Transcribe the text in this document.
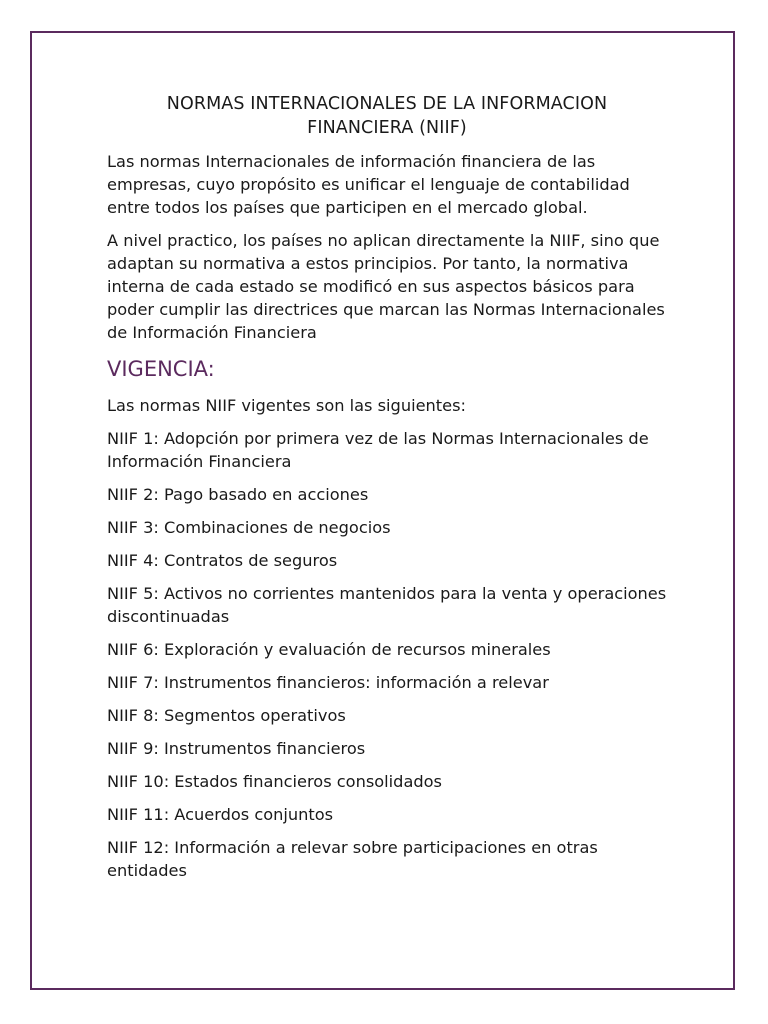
NORMAS INTERNACIONALES DE LA INFORMACION
FINANCIERA (NIIF)

Las normas Internacionales de información financiera de las empresas, cuyo propósito es unificar el lenguaje de contabilidad entre todos los países que participen en el mercado global.

A nivel practico, los países no aplican directamente la NIIF, sino que adaptan su normativa a estos principios. Por tanto, la normativa interna de cada estado se modificó en sus aspectos básicos para poder cumplir las directrices que marcan las Normas Internacionales de Información Financiera

VIGENCIA:

Las normas NIIF vigentes son las siguientes:

NIIF 1: Adopción por primera vez de las Normas Internacionales de Información Financiera
NIIF 2: Pago basado en acciones
NIIF 3: Combinaciones de negocios
NIIF 4: Contratos de seguros
NIIF 5: Activos no corrientes mantenidos para la venta y operaciones discontinuadas
NIIF 6: Exploración y evaluación de recursos minerales
NIIF 7: Instrumentos financieros: información a relevar
NIIF 8: Segmentos operativos
NIIF 9: Instrumentos financieros
NIIF 10: Estados financieros consolidados
NIIF 11: Acuerdos conjuntos
NIIF 12: Información a relevar sobre participaciones en otras entidades
